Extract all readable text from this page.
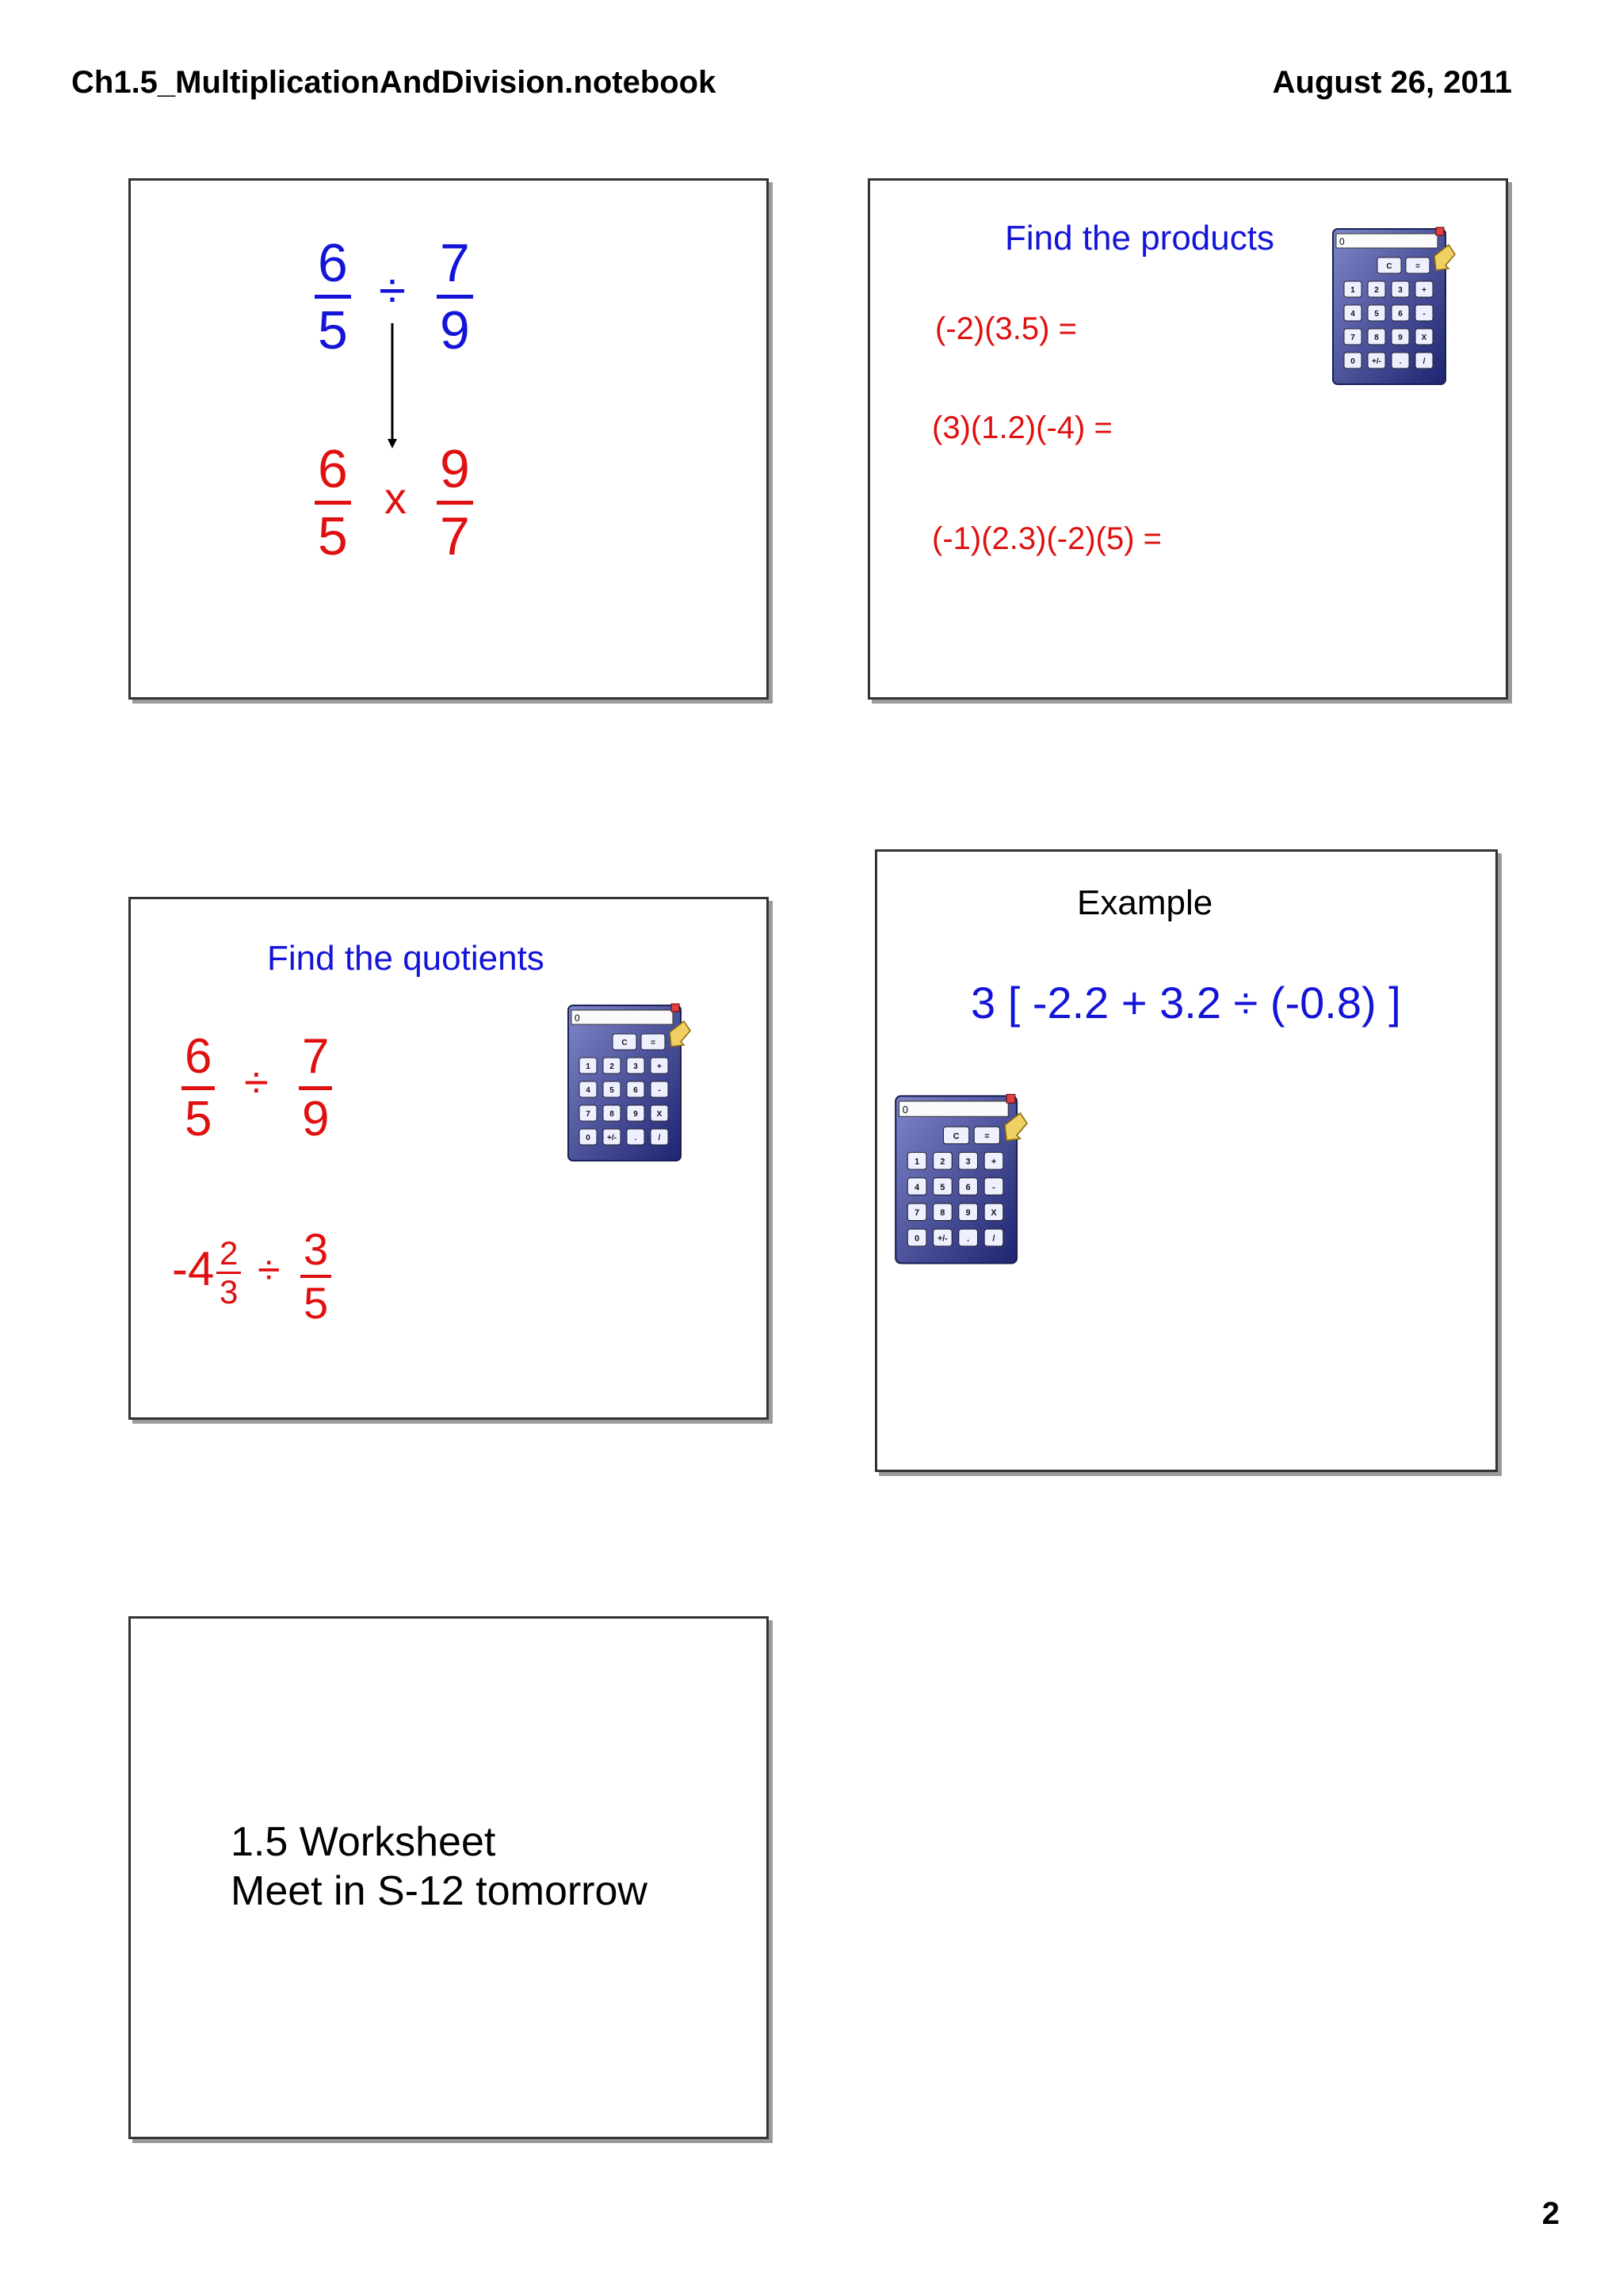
Ch1.5_MultiplicationAndDivision.notebook	August 26, 2011
$\frac{6}{5} \div \frac{7}{9}$
$\frac{6}{5}$ x $\frac{9}{7}$
Find the products
(-2)(3.5) =
(3)(1.2)(-4) =
(-1)(2.3)(-2)(5) =
0
C	=
1 2 3 +
4 5 6	-
7 8 9 X
0 +/- .	/
Find the quotients
$\frac{6}{5} \div \frac{7}{9}$
$-4 \frac{2}{3} \div \frac{3}{5}$
0
C	=
1 2 3 +
4 5 6	-
7 8 9 X
0 +/- .	/
Example
3 [ -2.2 + 3.2 ÷ (-0.8) ]
0
C	=
1	2	3	+
4	5	6	-
7	8	9	X
0 +/- .	/
1.5 Worksheet
Meet in S-12 tomorrow
2
